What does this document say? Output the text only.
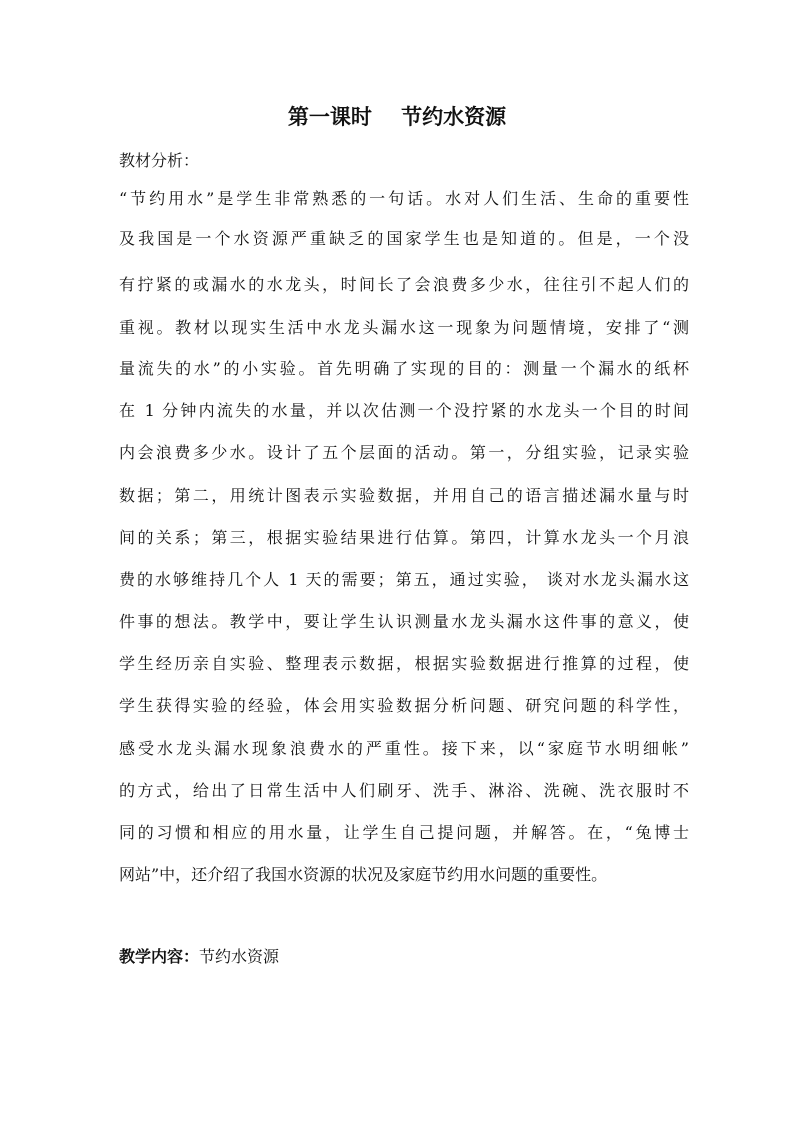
第一课时    节约水资源

教材分析：

“节约用水”是学生非常熟悉的一句话。水对人们生活、生命的重要性

及我国是一个水资源严重缺乏的国家学生也是知道的。但是，一个没

有拧紧的或漏水的水龙头，时间长了会浪费多少水，往往引不起人们的

重视。教材以现实生活中水龙头漏水这一现象为问题情境，安排了“测

量流失的水”的小实验。首先明确了实现的目的：测量一个漏水的纸杯

在 1 分钟内流失的水量，并以次估测一个没拧紧的水龙头一个目的时间

内会浪费多少水。设计了五个层面的活动。第一，分组实验，记录实验

数据；第二，用统计图表示实验数据，并用自己的语言描述漏水量与时

间的关系；第三，根据实验结果进行估算。第四，计算水龙头一个月浪

费的水够维持几个人 1 天的需要；第五，通过实验， 谈对水龙头漏水这

件事的想法。教学中，要让学生认识测量水龙头漏水这件事的意义，使

学生经历亲自实验、整理表示数据，根据实验数据进行推算的过程，使

学生获得实验的经验，体会用实验数据分析问题、研究问题的科学性，

感受水龙头漏水现象浪费水的严重性。接下来，以“家庭节水明细帐”

的方式，给出了日常生活中人们刷牙、洗手、淋浴、洗碗、洗衣服时不

同的习惯和相应的用水量，让学生自己提问题，并解答。在，“兔博士

网站”中，还介绍了我国水资源的状况及家庭节约用水问题的重要性。

教学内容：节约水资源
